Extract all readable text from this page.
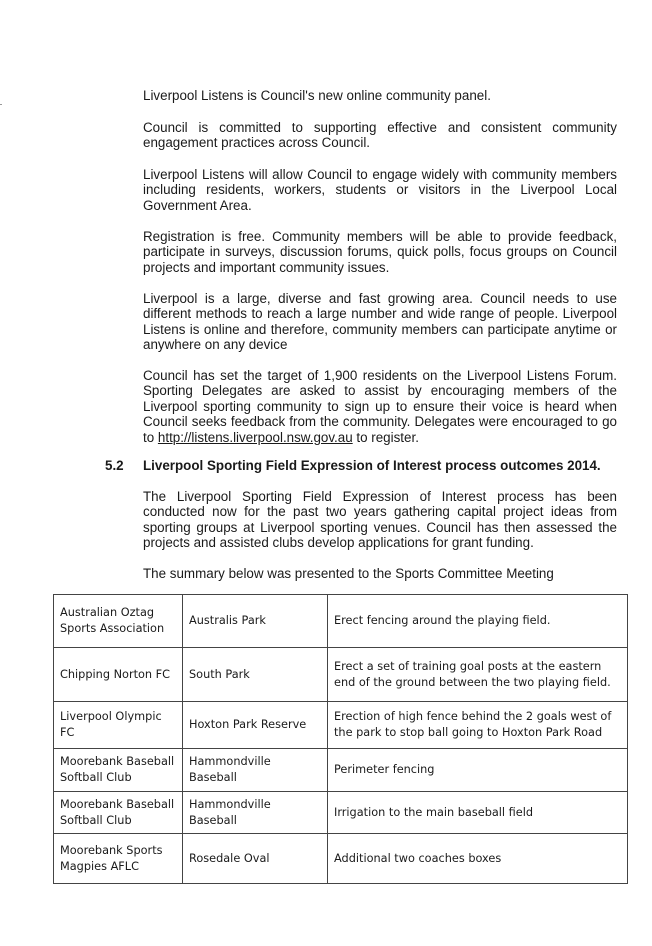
Liverpool Listens is Council's new online community panel.

Council is committed to supporting effective and consistent community engagement practices across Council.

Liverpool Listens will allow Council to engage widely with community members including residents, workers, students or visitors in the Liverpool Local Government Area.

Registration is free. Community members will be able to provide feedback, participate in surveys, discussion forums, quick polls, focus groups on Council projects and important community issues.

Liverpool is a large, diverse and fast growing area. Council needs to use different methods to reach a large number and wide range of people. Liverpool Listens is online and therefore, community members can participate anytime or anywhere on any device

Council has set the target of 1,900 residents on the Liverpool Listens Forum. Sporting Delegates are asked to assist by encouraging members of the Liverpool sporting community to sign up to ensure their voice is heard when Council seeks feedback from the community. Delegates were encouraged to go to http://listens.liverpool.nsw.gov.au to register.

5.2 Liverpool Sporting Field Expression of Interest process outcomes 2014.

The Liverpool Sporting Field Expression of Interest process has been conducted now for the past two years gathering capital project ideas from sporting groups at Liverpool sporting venues. Council has then assessed the projects and assisted clubs develop applications for grant funding.

The summary below was presented to the Sports Committee Meeting

Australian Oztag Sports Association	Australis Park	Erect fencing around the playing field.
Chipping Norton FC	South Park	Erect a set of training goal posts at the eastern end of the ground between the two playing field.
Liverpool Olympic FC	Hoxton Park Reserve	Erection of high fence behind the 2 goals west of the park to stop ball going to Hoxton Park Road
Moorebank Baseball Softball Club	Hammondville Baseball	Perimeter fencing
Moorebank Baseball Softball Club	Hammondville Baseball	Irrigation to the main baseball field
Moorebank Sports Magpies AFLC	Rosedale Oval	Additional two coaches boxes
